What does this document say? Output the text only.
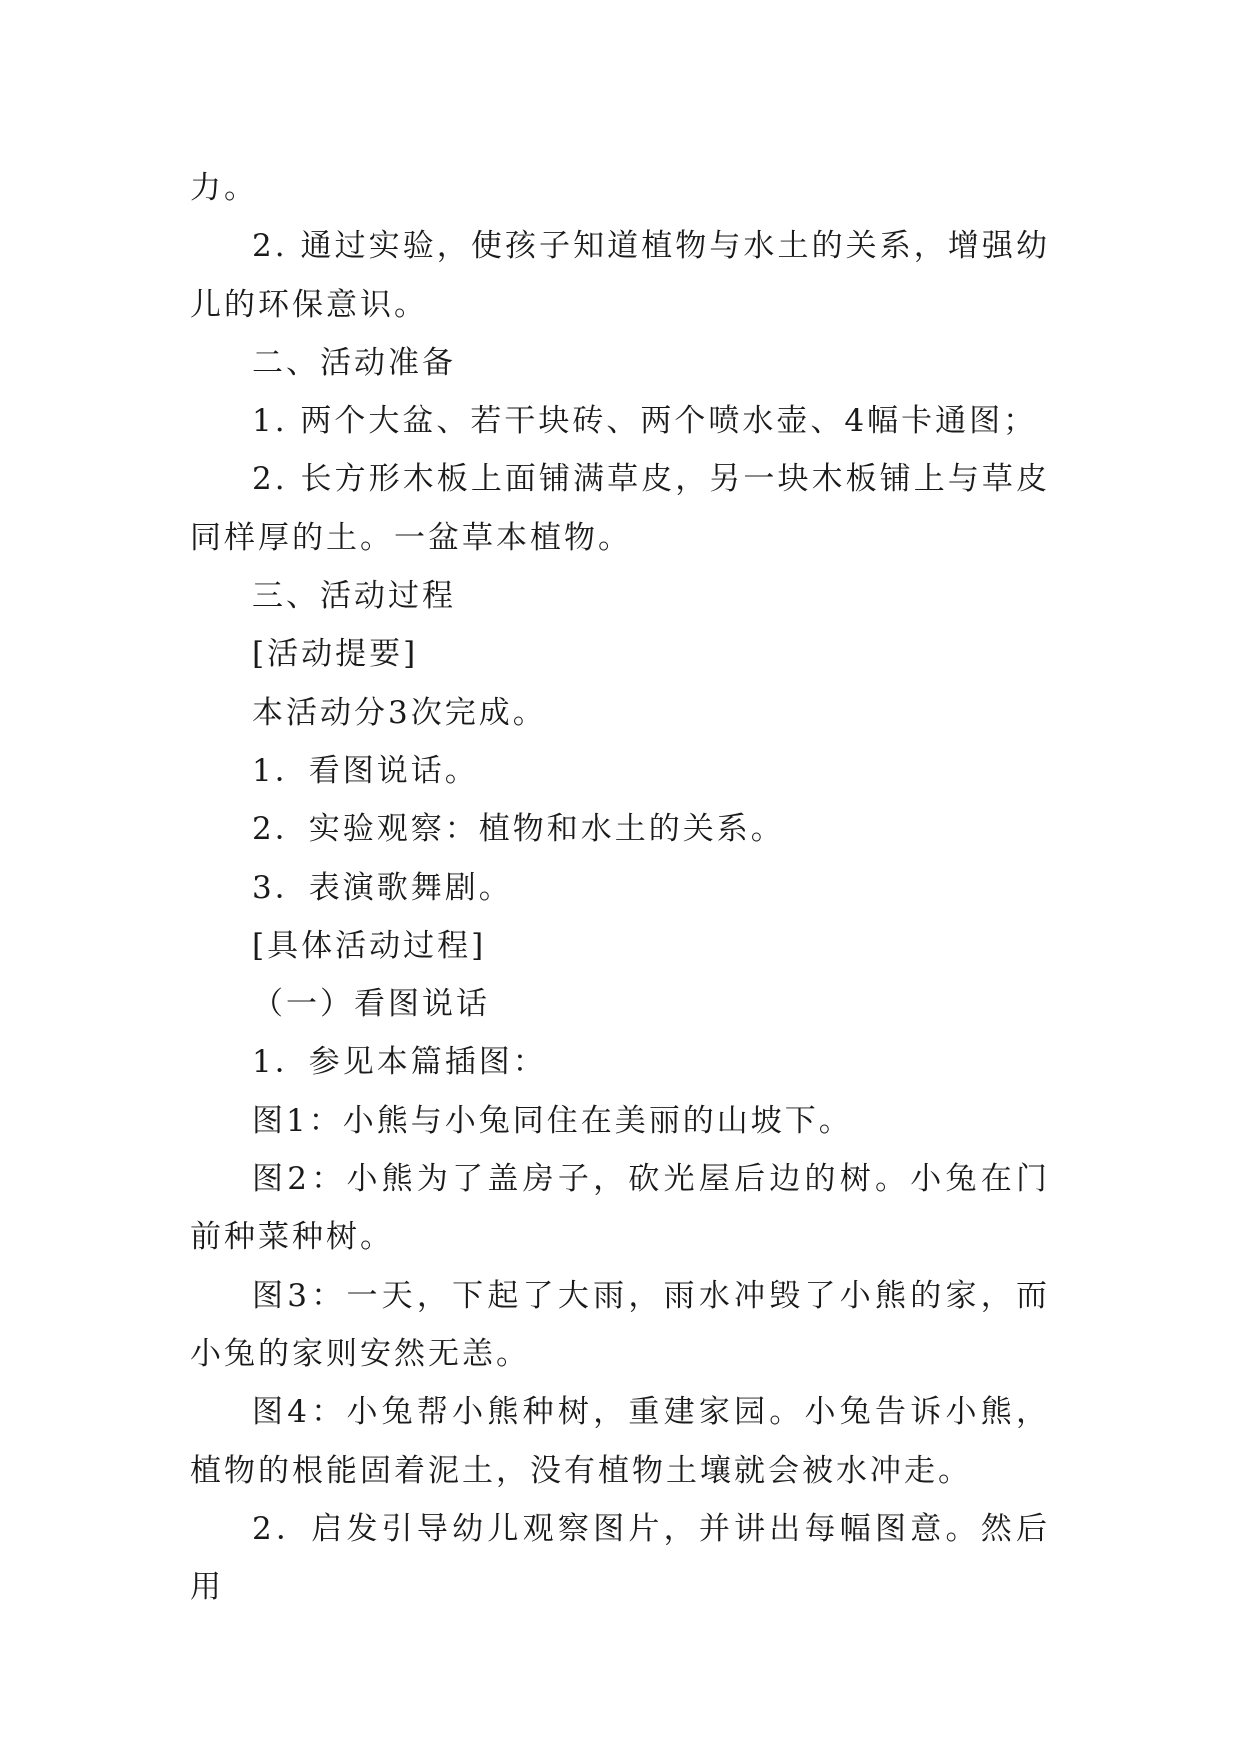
力。

2. 通过实验，使孩子知道植物与水土的关系，增强幼儿的环保意识。

二、活动准备

1. 两个大盆、若干块砖、两个喷水壶、4幅卡通图；

2. 长方形木板上面铺满草皮，另一块木板铺上与草皮同样厚的土。一盆草本植物。

三、活动过程

[活动提要]

本活动分3次完成。

1．看图说话。

2．实验观察：植物和水土的关系。

3．表演歌舞剧。

[具体活动过程]

（一）看图说话

1．参见本篇插图：

图1：小熊与小兔同住在美丽的山坡下。

图2：小熊为了盖房子，砍光屋后边的树。小兔在门前种菜种树。

图3：一天，下起了大雨，雨水冲毁了小熊的家，而小兔的家则安然无恙。

图4：小兔帮小熊种树，重建家园。小兔告诉小熊，植物的根能固着泥土，没有植物土壤就会被水冲走。

2．启发引导幼儿观察图片，并讲出每幅图意。然后用
